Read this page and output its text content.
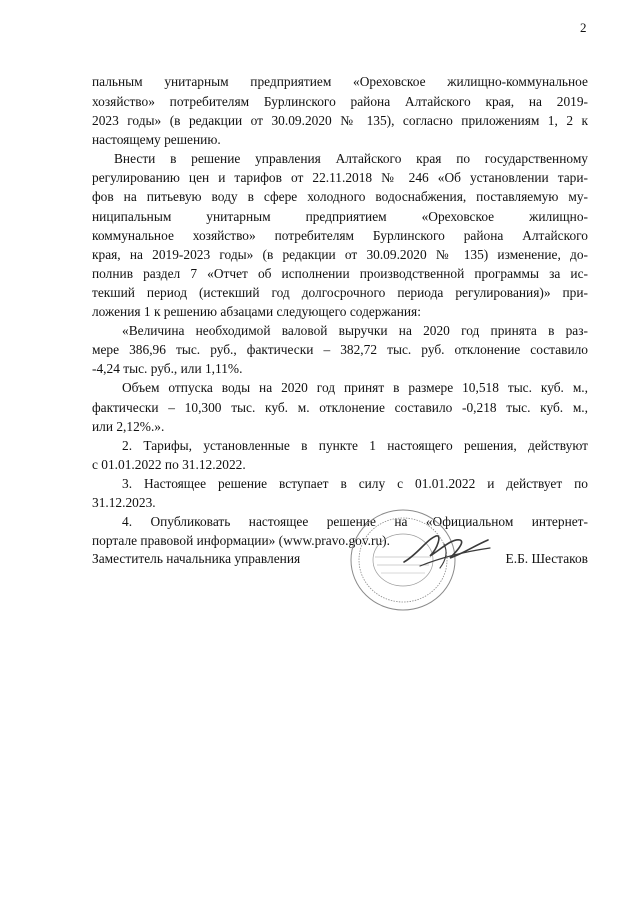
2
пальным унитарным предприятием «Ореховское жилищно-коммунальное
хозяйство» потребителям Бурлинского района Алтайского края, на 2019-
2023 годы» (в редакции от 30.09.2020 № 135), согласно приложениям 1, 2 к
настоящему решению.
Внести в решение управления Алтайского края по государственному
регулированию цен и тарифов от 22.11.2018 № 246 «Об установлении тари-
фов на питьевую воду в сфере холодного водоснабжения, поставляемую му-
ниципальным унитарным предприятием «Ореховское жилищно-
коммунальное хозяйство» потребителям Бурлинского района Алтайского
края, на 2019-2023 годы» (в редакции от 30.09.2020 № 135) изменение, до-
полнив раздел 7 «Отчет об исполнении производственной программы за ис-
текший период (истекший год долгосрочного периода регулирования)» при-
ложения 1 к решению абзацами следующего содержания:
«Величина необходимой валовой выручки на 2020 год принята в раз-
мере 386,96 тыс. руб., фактически – 382,72 тыс. руб. отклонение составило
-4,24 тыс. руб., или 1,11%.
Объем отпуска воды на 2020 год принят в размере 10,518 тыс. куб. м.,
фактически – 10,300 тыс. куб. м. отклонение составило -0,218 тыс. куб. м.,
или 2,12%.».
2. Тарифы, установленные в пункте 1 настоящего решения, действуют
с 01.01.2022 по 31.12.2022.
3. Настоящее решение вступает в силу с 01.01.2022 и действует по
31.12.2023.
4. Опубликовать настоящее решение на «Официальном интернет-
портале правовой информации» (www.pravo.gov.ru).
Заместитель начальника управления	Е.Б. Шестаков
